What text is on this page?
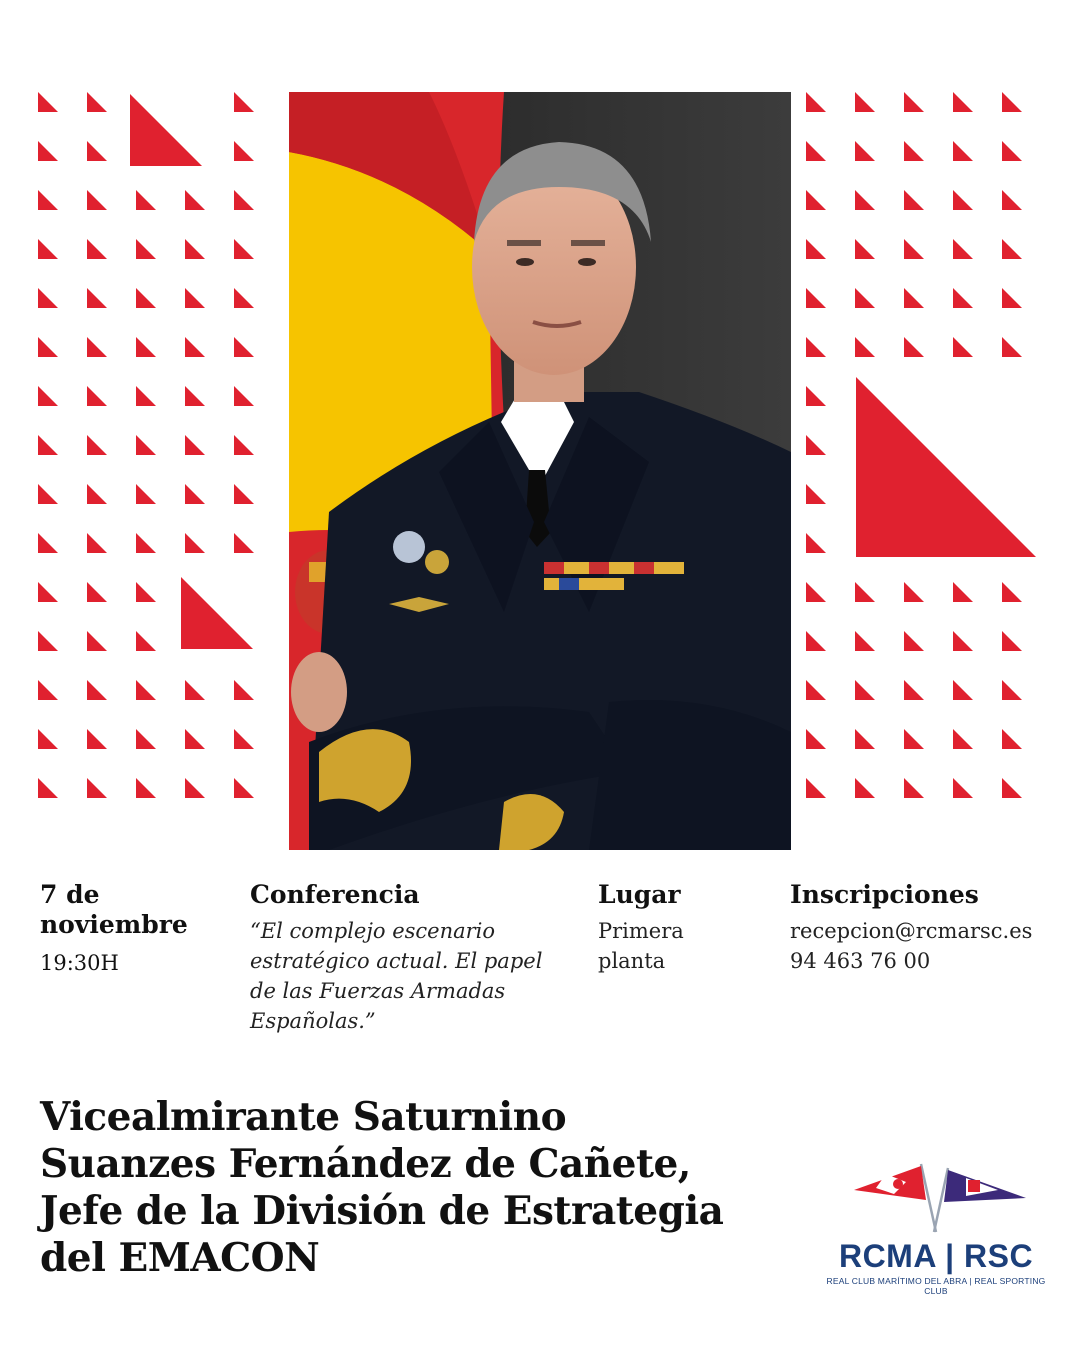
7 de noviembre
19:30H
Conferencia
“El complejo escenario estratégico actual. El papel de las Fuerzas Armadas Españolas.”
Lugar
Primera planta
Inscripciones
recepcion@rcmarsc.es
94 463 76 00
Vicealmirante Saturnino
Suanzes Fernández de Cañete,
Jefe de la División de Estrategia
del EMACON	RCMA | RSC
REAL CLUB MARÍTIMO DEL ABRA | REAL SPORTING CLUB
